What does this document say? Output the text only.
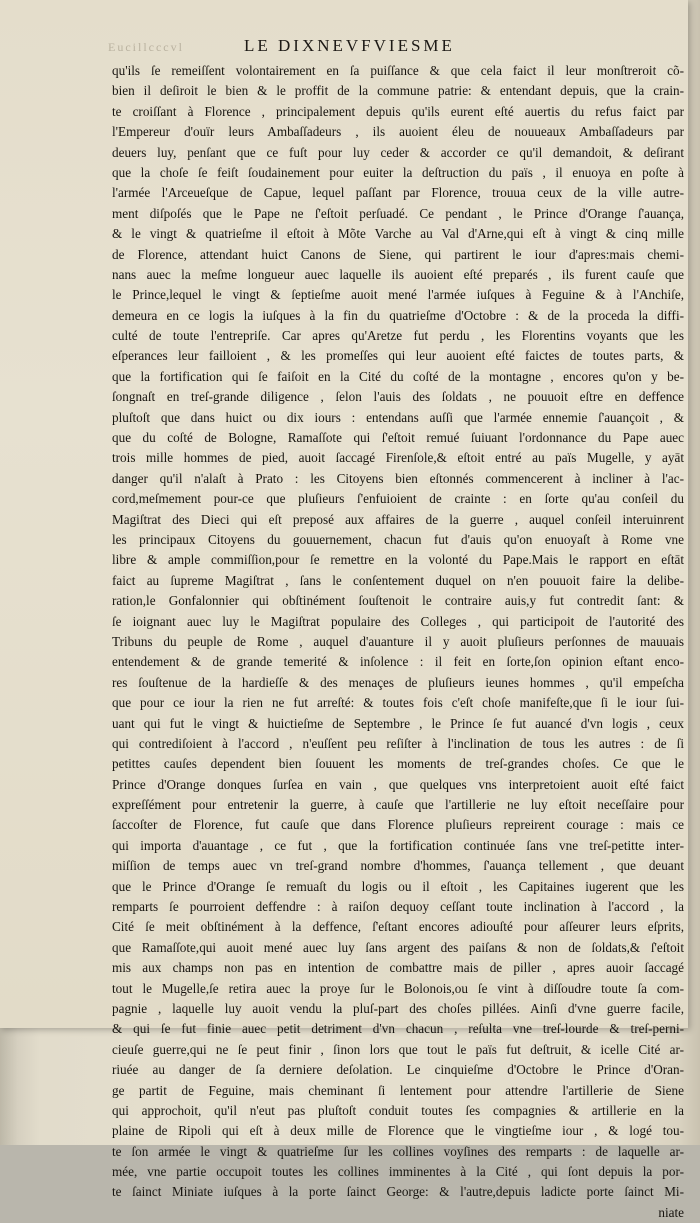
Eucillcccvl	LE DIXNEVFVIESME
qu'ils ſe remeiſſent volontairement en ſa puiſſance & que cela faict il leur monſtreroit cõ-
bien il deſiroit le bien & le proffit de la commune patrie: & entendant depuis, que la crain-
te croiſſant à Florence , principalement depuis qu'ils eurent eſté auertis du refus faict par
l'Empereur d'ouïr leurs Ambaſſadeurs , ils auoient éleu de nouueaux Ambaſſadeurs par
deuers luy, penſant que ce fuſt pour luy ceder & accorder ce qu'il demandoit, & deſirant
que la choſe ſe feiſt ſoudainement pour euiter la deſtruction du païs , il enuoya en poſte à
l'armée l'Arceueſque de Capue, lequel paſſant par Florence, trouua ceux de la ville autre-
ment diſpoſés que le Pape ne ſ'eſtoit perſuadé. Ce pendant , le Prince d'Orange ſ'auança,
& le vingt & quatrieſme il eſtoit à Mõte Varche au Val d'Arne,qui eſt à vingt & cinq mille
de Florence, attendant huict Canons de Siene, qui partirent le iour d'apres:mais chemi-
nans auec la meſme longueur auec laquelle ils auoient eſté preparés , ils furent cauſe que
le Prince,lequel le vingt & ſeptieſme auoit mené l'armée iuſques à Feguine & à l'Anchiſe,
demeura en ce logis la iuſques à la fin du quatrieſme d'Octobre : & de la proceda la diffi-
culté de toute l'entrepriſe. Car apres qu'Aretze fut perdu , les Florentins voyants que les
eſperances leur failloient , & les promeſſes qui leur auoient eſté faictes de toutes parts, &
que la fortification qui ſe faiſoit en la Cité du coſté de la montagne , encores qu'on y be-
ſongnaſt en treſ-grande diligence , ſelon l'auis des ſoldats , ne pouuoit eſtre en deffence
pluſtoſt que dans huict ou dix iours : entendans auſſi que l'armée ennemie ſ'auançoit , &
que du coſté de Bologne, Ramaſſote qui ſ'eſtoit remué ſuiuant l'ordonnance du Pape auec
trois mille hommes de pied, auoit ſaccagé Firenſole,& eſtoit entré au païs Mugelle, y ayāt
danger qu'il n'alaſt à Prato : les Citoyens bien eſtonnés commencerent à incliner à l'ac-
cord,meſmement pour-ce que pluſieurs ſ'enfuioient de crainte : en ſorte qu'au conſeil du
Magiſtrat des Dieci qui eſt preposé aux affaires de la guerre , auquel conſeil interuinrent
les principaux Citoyens du gouuernement, chacun fut d'auis qu'on enuoyaſt à Rome vne
libre & ample commiſſion,pour ſe remettre en la volonté du Pape.Mais le rapport en eſtāt
faict au ſupreme Magiſtrat , ſans le conſentement duquel on n'en pouuoit faire la delibe-
ration,le Gonfalonnier qui obſtinément ſouſtenoit le contraire auis,y fut contredit ſant: &
ſe ioignant auec luy le Magiſtrat populaire des Colleges , qui participoit de l'autorité des
Tribuns du peuple de Rome , auquel d'auanture il y auoit pluſieurs perſonnes de mauuais
entendement & de grande temerité & inſolence : il feit en ſorte,ſon opinion eſtant enco-
res ſouſtenue de la hardieſſe & des menaçes de pluſieurs ieunes hommes , qu'il empeſcha
que pour ce iour la rien ne fut arreſté: & toutes fois c'eſt choſe manifeſte,que ſi le iour ſui-
uant qui fut le vingt & huictieſme de Septembre , le Prince ſe fut auancé d'vn logis , ceux
qui contrediſoient à l'accord , n'euſſent peu reſiſter à l'inclination de tous les autres : de ſi
petittes cauſes dependent bien ſouuent les moments de treſ-grandes choſes. Ce que le
Prince d'Orange donques ſurſea en vain , que quelques vns interpretoient auoit eſté faict
expreſſément pour entretenir la guerre, à cauſe que l'artillerie ne luy eſtoit neceſſaire pour
ſaccoſter de Florence, fut cauſe que dans Florence pluſieurs repreirent courage : mais ce
qui importa d'auantage , ce fut , que la fortification continuée ſans vne treſ-petitte inter-
miſſion de temps auec vn treſ-grand nombre d'hommes, ſ'auança tellement , que deuant
que le Prince d'Orange ſe remuaſt du logis ou il eſtoit , les Capitaines iugerent que les
remparts ſe pourroient deffendre : à raiſon dequoy ceſſant toute inclination à l'accord , la
Cité ſe meit obſtinément à la deffence, ſ'eſtant encores adiouſté pour aſſeurer leurs eſprits,
que Ramaſſote,qui auoit mené auec luy ſans argent des paiſans & non de ſoldats,& ſ'eſtoit
mis aux champs non pas en intention de combattre mais de piller , apres auoir ſaccagé
tout le Mugelle,ſe retira auec la proye ſur le Bolonois,ou ſe vint à diſſoudre toute ſa com-
pagnie , laquelle luy auoit vendu la pluſ-part des choſes pillées. Ainſi d'vne guerre facile,
& qui ſe fut finie auec petit detriment d'vn chacun , reſulta vne treſ-lourde & treſ-perni-
cieuſe guerre,qui ne ſe peut finir , ſinon lors que tout le païs fut deſtruit, & icelle Cité ar-
riuée au danger de ſa derniere deſolation. Le cinquieſme d'Octobre le Prince d'Oran-
ge partit de Feguine, mais cheminant ſi lentement pour attendre l'artillerie de Siene
qui approchoit, qu'il n'eut pas pluſtoſt conduit toutes ſes compagnies & artillerie en la
plaine de Ripoli qui eſt à deux mille de Florence que le vingtieſme iour , & logé tou-
te ſon armée le vingt & quatrieſme ſur les collines voyſines des remparts : de laquelle ar-
mée, vne partie occupoit toutes les collines imminentes à la Cité , qui ſont depuis la por-
te ſainct Miniate iuſques à la porte ſainct George: & l'autre,depuis ladicte porte ſainct Mi-
niate
